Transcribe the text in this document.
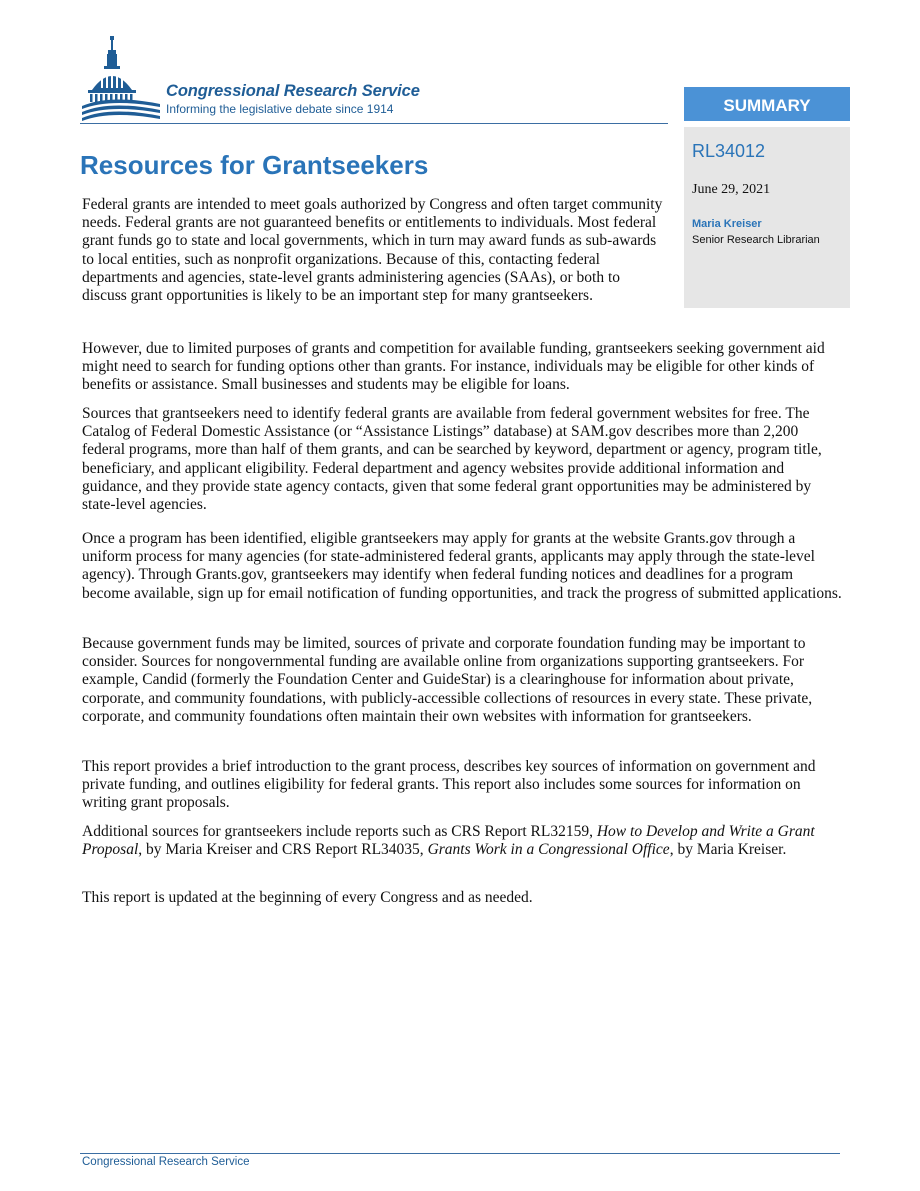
Congressional Research Service
Informing the legislative debate since 1914	SUMMARY
RL34012
June 29, 2021
Maria Kreiser
Senior Research Librarian
Resources for Grantseekers

Federal grants are intended to meet goals authorized by Congress and often target community needs. Federal grants are not guaranteed benefits or entitlements to individuals. Most federal grant funds go to state and local governments, which in turn may award funds as sub-awards to local entities, such as nonprofit organizations. Because of this, contacting federal departments and agencies, state-level grants administering agencies (SAAs), or both to discuss grant opportunities is likely to be an important step for many grantseekers.

However, due to limited purposes of grants and competition for available funding, grantseekers seeking government aid might need to search for funding options other than grants. For instance, individuals may be eligible for other kinds of benefits or assistance. Small businesses and students may be eligible for loans.

Sources that grantseekers need to identify federal grants are available from federal government websites for free. The Catalog of Federal Domestic Assistance (or “Assistance Listings” database) at SAM.gov describes more than 2,200 federal programs, more than half of them grants, and can be searched by keyword, department or agency, program title, beneficiary, and applicant eligibility. Federal department and agency websites provide additional information and guidance, and they provide state agency contacts, given that some federal grant opportunities may be administered by state-level agencies.

Once a program has been identified, eligible grantseekers may apply for grants at the website Grants.gov through a uniform process for many agencies (for state-administered federal grants, applicants may apply through the state-level agency). Through Grants.gov, grantseekers may identify when federal funding notices and deadlines for a program become available, sign up for email notification of funding opportunities, and track the progress of submitted applications.

Because government funds may be limited, sources of private and corporate foundation funding may be important to consider. Sources for nongovernmental funding are available online from organizations supporting grantseekers. For example, Candid (formerly the Foundation Center and GuideStar) is a clearinghouse for information about private, corporate, and community foundations, with publicly-accessible collections of resources in every state. These private, corporate, and community foundations often maintain their own websites with information for grantseekers.

This report provides a brief introduction to the grant process, describes key sources of information on government and private funding, and outlines eligibility for federal grants. This report also includes some sources for information on writing grant proposals.

Additional sources for grantseekers include reports such as CRS Report RL32159, How to Develop and Write a Grant Proposal, by Maria Kreiser and CRS Report RL34035, Grants Work in a Congressional Office, by Maria Kreiser.

This report is updated at the beginning of every Congress and as needed.

Congressional Research Service
